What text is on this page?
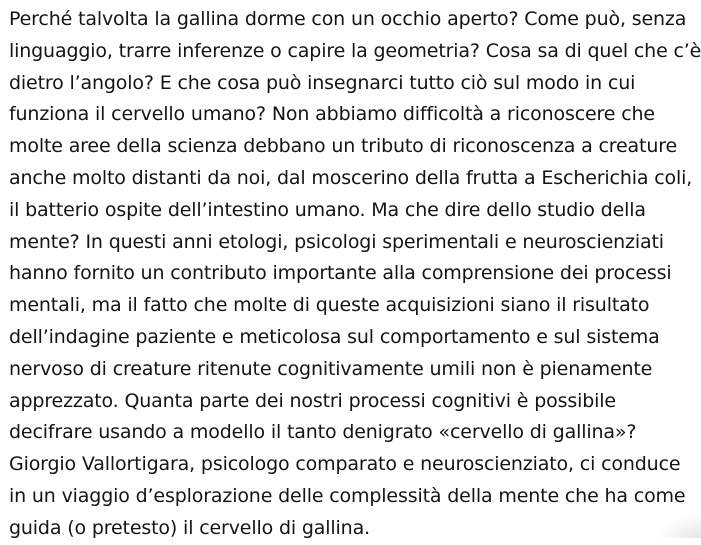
Perché talvolta la gallina dorme con un occhio aperto? Come può, senza
linguaggio, trarre inferenze o capire la geometria? Cosa sa di quel che c’è
dietro l’angolo? E che cosa può insegnarci tutto ciò sul modo in cui
funziona il cervello umano? Non abbiamo difficoltà a riconoscere che
molte aree della scienza debbano un tributo di riconoscenza a creature
anche molto distanti da noi, dal moscerino della frutta a Escherichia coli,
il batterio ospite dell’intestino umano. Ma che dire dello studio della
mente? In questi anni etologi, psicologi sperimentali e neuroscienziati
hanno fornito un contributo importante alla comprensione dei processi
mentali, ma il fatto che molte di queste acquisizioni siano il risultato
dell’indagine paziente e meticolosa sul comportamento e sul sistema
nervoso di creature ritenute cognitivamente umili non è pienamente
apprezzato. Quanta parte dei nostri processi cognitivi è possibile
decifrare usando a modello il tanto denigrato «cervello di gallina»?
Giorgio Vallortigara, psicologo comparato e neuroscienziato, ci conduce
in un viaggio d’esplorazione delle complessità della mente che ha come
guida (o pretesto) il cervello di gallina.
